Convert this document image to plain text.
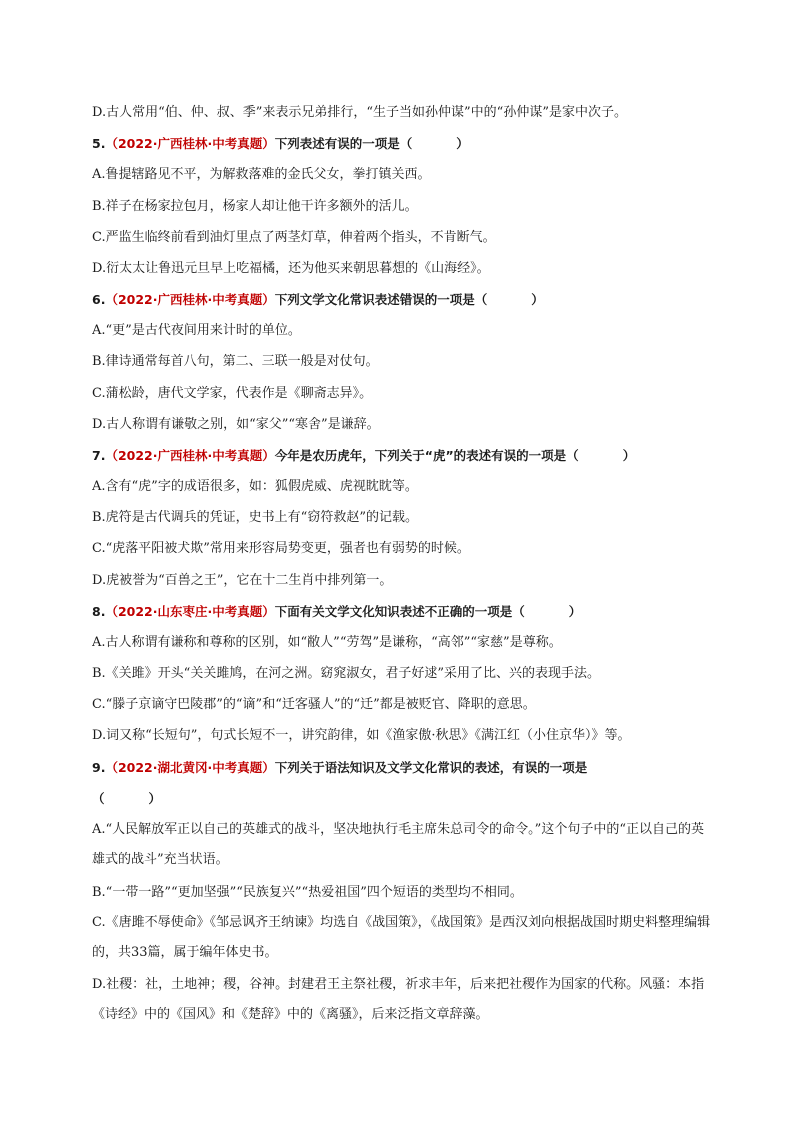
D.古人常用“伯、仲、叔、季”来表示兄弟排行，“生子当如孙仲谋”中的“孙仲谋”是家中次子。
5.（2022·广西桂林·中考真题）下列表述有误的一项是（	）
A.鲁提辖路见不平，为解救落难的金氏父女，拳打镇关西。
B.祥子在杨家拉包月，杨家人却让他干许多额外的活儿。
C.严监生临终前看到油灯里点了两茎灯草，伸着两个指头，不肯断气。
D.衍太太让鲁迅元旦早上吃福橘，还为他买来朝思暮想的《山海经》。
6.（2022·广西桂林·中考真题）下列文学文化常识表述错误的一项是（	）
A.“更”是古代夜间用来计时的单位。
B.律诗通常每首八句，第二、三联一般是对仗句。
C.蒲松龄，唐代文学家，代表作是《聊斋志异》。
D.古人称谓有谦敬之别，如“家父”“寒舍”是谦辞。
7.（2022·广西桂林·中考真题）今年是农历虎年，下列关于“虎”的表述有误的一项是（	）
A.含有“虎”字的成语很多，如：狐假虎威、虎视眈眈等。
B.虎符是古代调兵的凭证，史书上有“窃符救赵”的记载。
C.“虎落平阳被犬欺”常用来形容局势变更，强者也有弱势的时候。
D.虎被誉为“百兽之王”，它在十二生肖中排列第一。
8.（2022·山东枣庄·中考真题）下面有关文学文化知识表述不正确的一项是（	）
A.古人称谓有谦称和尊称的区别，如“敝人”“劳驾”是谦称，“高邻”“家慈”是尊称。
B.《关雎》开头“关关雎鸠，在河之洲。窈窕淑女，君子好逑”采用了比、兴的表现手法。
C.“滕子京谪守巴陵郡”的“谪”和“迁客骚人”的“迁”都是被贬官、降职的意思。
D.词又称“长短句”，句式长短不一，讲究韵律，如《渔家傲·秋思》《满江红（小住京华）》等。
9.（2022·湖北黄冈·中考真题）下列关于语法知识及文学文化常识的表述，有误的一项是
（	）
A.“人民解放军正以自己的英雄式的战斗，坚决地执行毛主席朱总司令的命令。”这个句子中的“正以自己的英雄式的战斗”充当状语。
B.“一带一路”“更加坚强”“民族复兴”“热爱祖国”四个短语的类型均不相同。
C.《唐雎不辱使命》《邹忌讽齐王纳谏》均选自《战国策》，《战国策》是西汉刘向根据战国时期史料整理编辑的，共33篇，属于编年体史书。
D.社稷：社，土地神；稷，谷神。封建君王主祭社稷，祈求丰年，后来把社稷作为国家的代称。风骚：本指《诗经》中的《国风》和《楚辞》中的《离骚》，后来泛指文章辞藻。
